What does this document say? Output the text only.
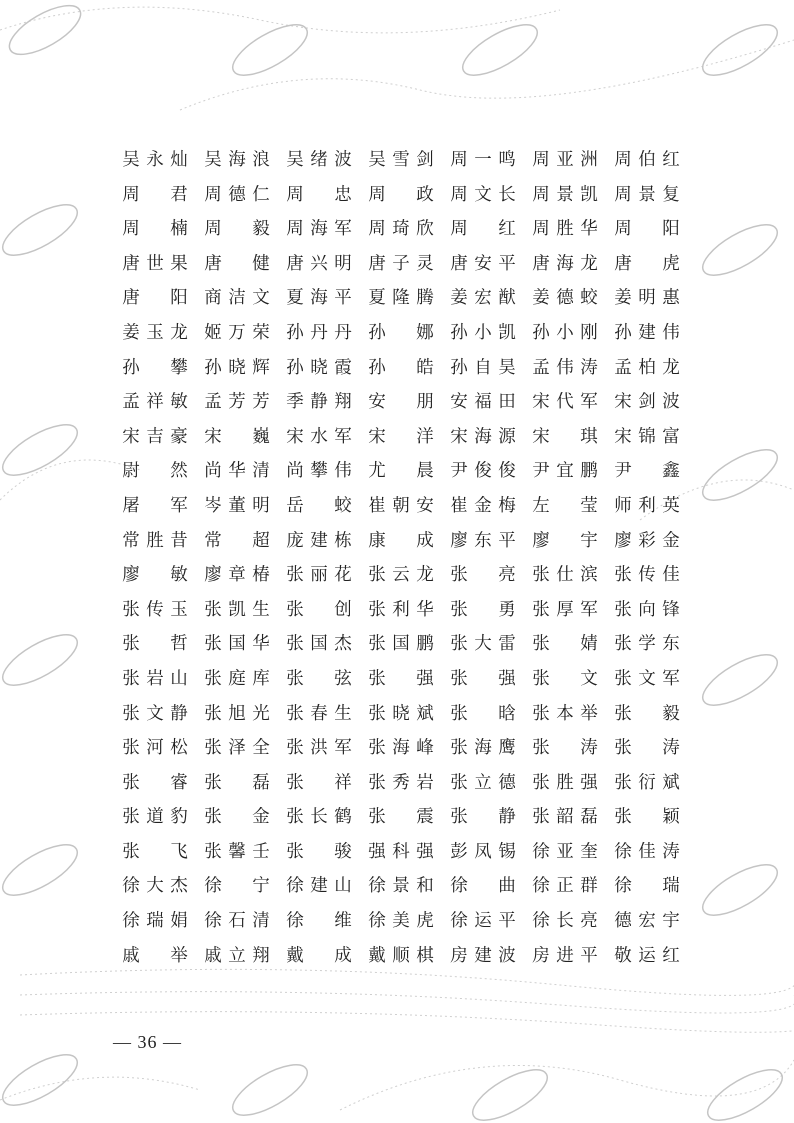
吴 永 灿 吴 海 浪 吴 绪 波 吴 雪 剑 周 一 鸣 周 亚 洲 周 伯 红
周 君 周 德 仁 周 忠 周 政 周 文 长 周 景 凯 周 景 复
周 楠 周 毅 周 海 军 周 琦 欣 周 红 周 胜 华 周 阳
唐 世 果 唐 健 唐 兴 明 唐 子 灵 唐 安 平 唐 海 龙 唐 虎
唐 阳 商 洁 文 夏 海 平 夏 隆 腾 姜 宏 猷 姜 德 蛟 姜 明 惠
姜 玉 龙 姬 万 荣 孙 丹 丹 孙 娜 孙 小 凯 孙 小 刚 孙 建 伟
孙 攀 孙 晓 辉 孙 晓 霞 孙 皓 孙 自 昊 孟 伟 涛 孟 柏 龙
孟 祥 敏 孟 芳 芳 季 静 翔 安 朋 安 福 田 宋 代 军 宋 剑 波
宋 吉 豪 宋 巍 宋 水 军 宋 洋 宋 海 源 宋 琪 宋 锦 富
尉 然 尚 华 清 尚 攀 伟 尤 晨 尹 俊 俊 尹 宜 鹏 尹 鑫
屠 军 岑 董 明 岳 蛟 崔 朝 安 崔 金 梅 左 莹 师 利 英
常 胜 昔 常 超 庞 建 栋 康 成 廖 东 平 廖 宇 廖 彩 金
廖 敏 廖 章 椿 张 丽 花 张 云 龙 张 亮 张 仕 滨 张 传 佳
张 传 玉 张 凯 生 张 创 张 利 华 张 勇 张 厚 军 张 向 锋
张 哲 张 国 华 张 国 杰 张 国 鹏 张 大 雷 张 婧 张 学 东
张 岩 山 张 庭 库 张 弦 张 强 张 强 张 文 张 文 军
张 文 静 张 旭 光 张 春 生 张 晓 斌 张 晗 张 本 举 张 毅
张 河 松 张 泽 全 张 洪 军 张 海 峰 张 海 鹰 张 涛 张 涛
张 睿 张 磊 张 祥 张 秀 岩 张 立 德 张 胜 强 张 衍 斌
张 道 豹 张 金 张 长 鹤 张 震 张 静 张 韶 磊 张 颖
张 飞 张 馨 壬 张 骏 强 科 强 彭 凤 锡 徐 亚 奎 徐 佳 涛
徐 大 杰 徐 宁 徐 建 山 徐 景 和 徐 曲 徐 正 群 徐 瑞
徐 瑞 娟 徐 石 清 徐 维 徐 美 虎 徐 运 平 徐 长 亮 德 宏 宇
戚 举 戚 立 翔 戴 成 戴 顺 棋 房 建 波 房 进 平 敬 运 红
— 36 —
